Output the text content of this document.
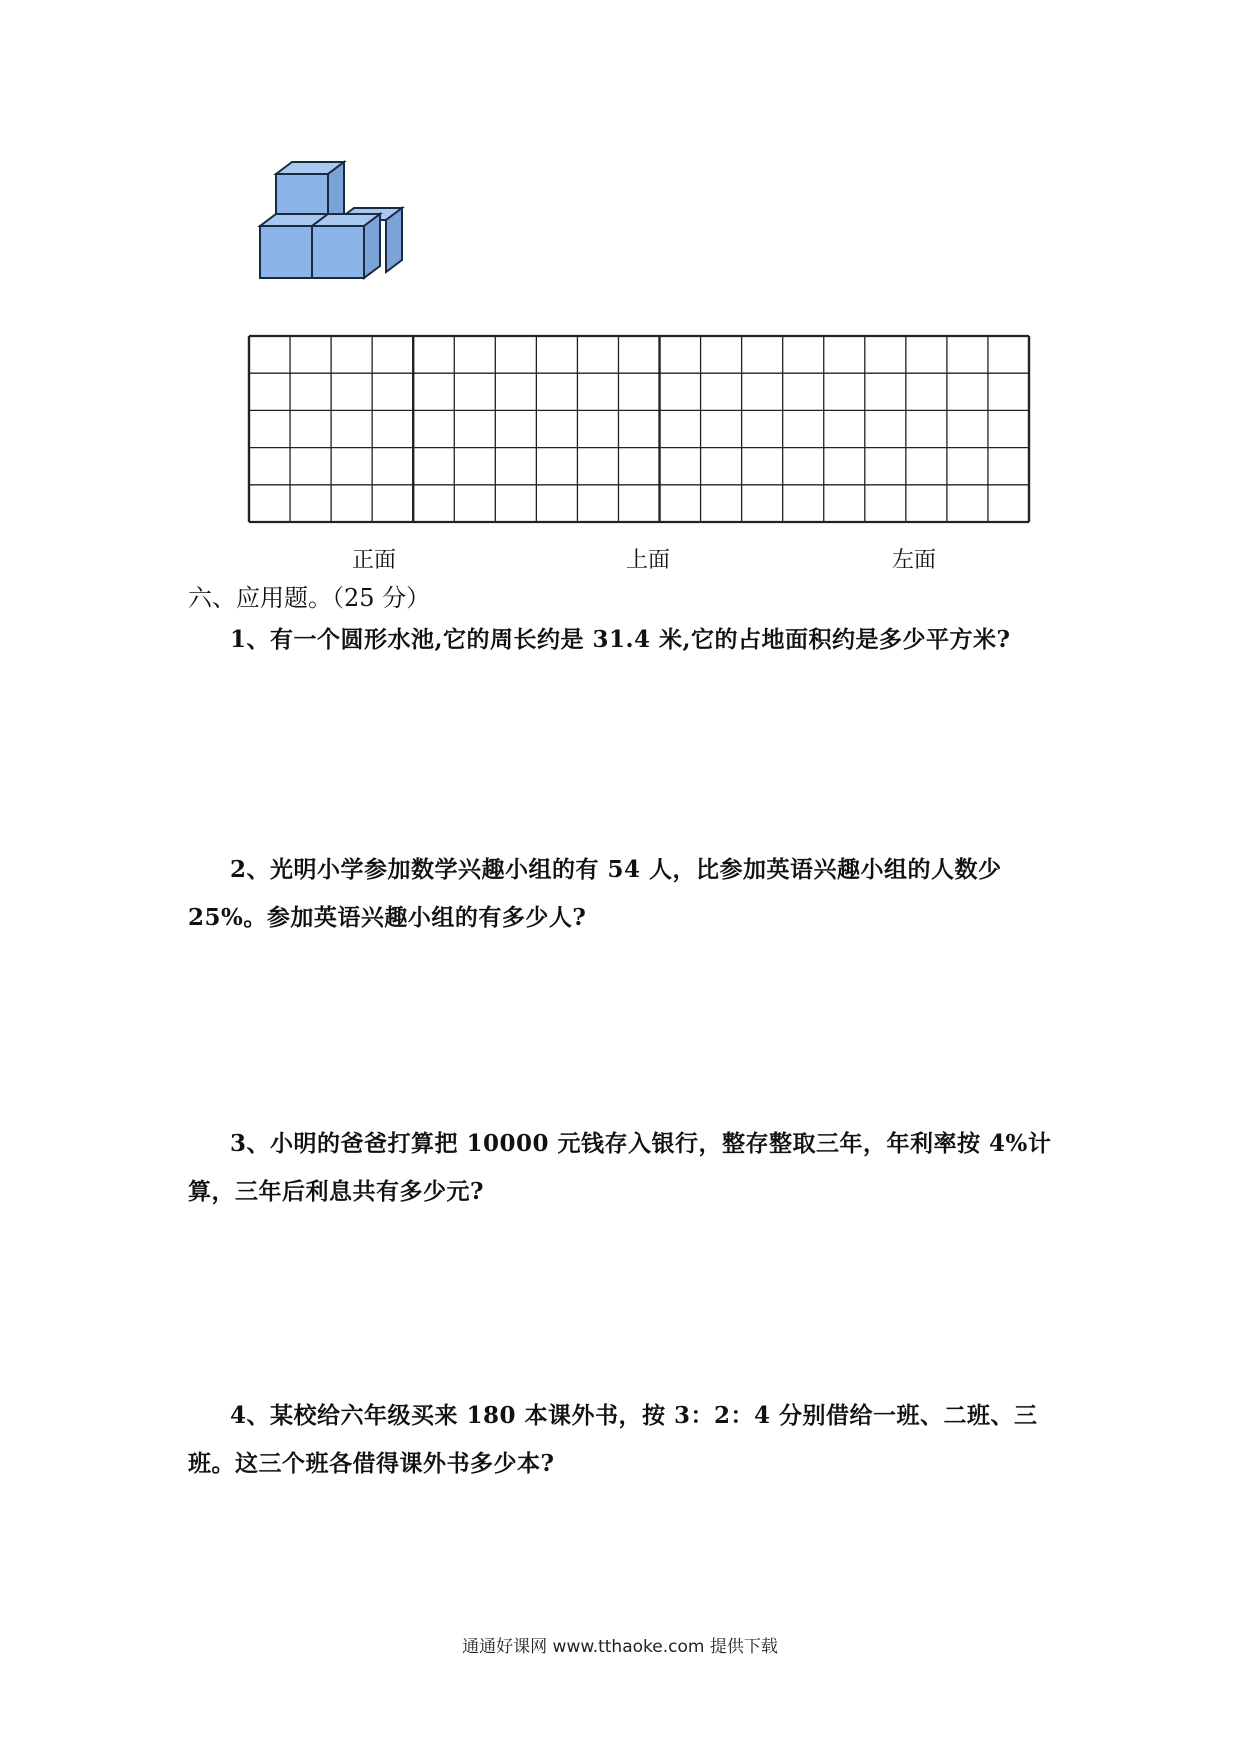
正面	上面	左面
六、应用题。（25 分）
1、有一个圆形水池,它的周长约是 31.4 米,它的占地面积约是多少平方米?
2、光明小学参加数学兴趣小组的有 54 人，比参加英语兴趣小组的人数少 25%。参加英语兴趣小组的有多少人?
3、小明的爸爸打算把 10000 元钱存入银行，整存整取三年，年利率按 4%计算，三年后利息共有多少元?
4、某校给六年级买来 180 本课外书，按 3：2：4 分别借给一班、二班、三班。这三个班各借得课外书多少本?
通通好课网 www.tthaoke.com 提供下载
